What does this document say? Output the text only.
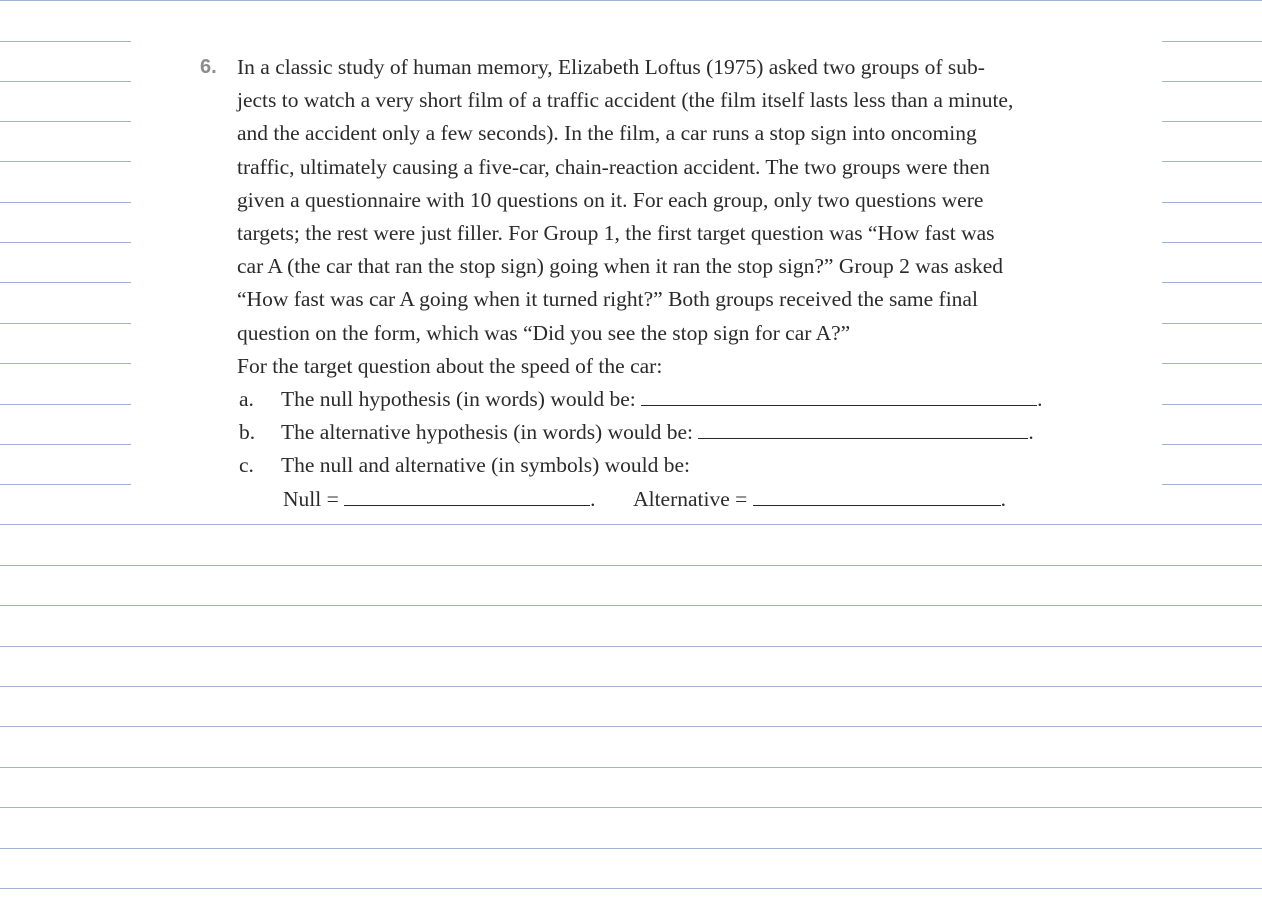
6. In a classic study of human memory, Elizabeth Loftus (1975) asked two groups of sub-
jects to watch a very short film of a traffic accident (the film itself lasts less than a minute,
and the accident only a few seconds). In the film, a car runs a stop sign into oncoming
traffic, ultimately causing a five-car, chain-reaction accident. The two groups were then
given a questionnaire with 10 questions on it. For each group, only two questions were
targets; the rest were just filler. For Group 1, the first target question was “How fast was
car A (the car that ran the stop sign) going when it ran the stop sign?” Group 2 was asked
“How fast was car A going when it turned right?” Both groups received the same final
question on the form, which was “Did you see the stop sign for car A?”
For the target question about the speed of the car:
a. The null hypothesis (in words) would be:	.
b. The alternative hypothesis (in words) would be:	.
c. The null and alternative (in symbols) would be:
Null =	. Alternative =	.
